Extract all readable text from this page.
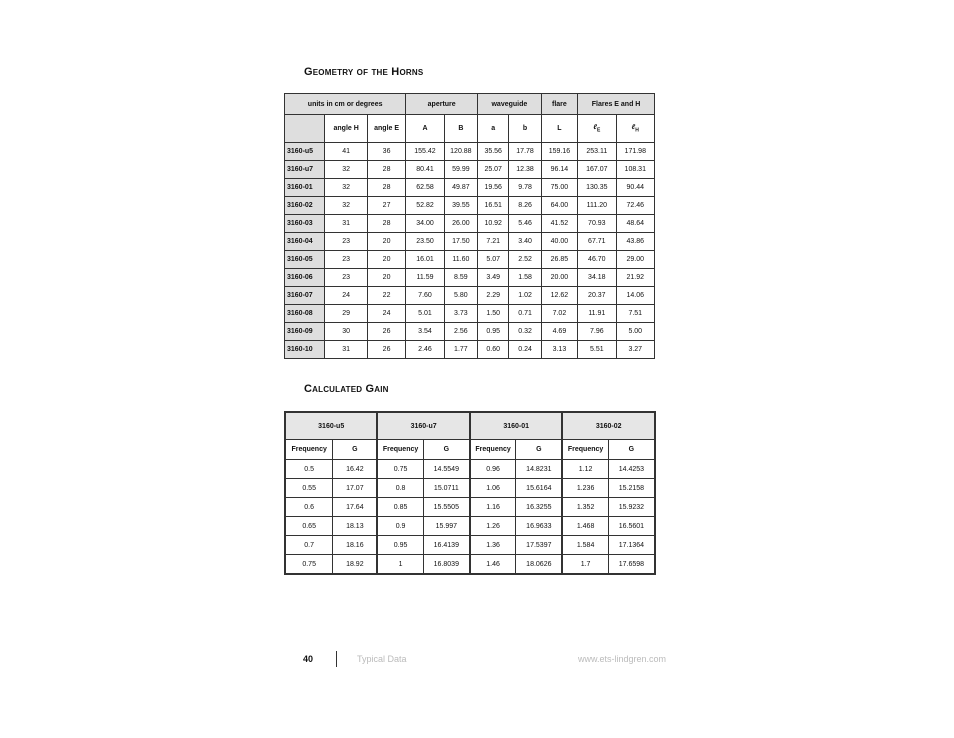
Geometry of the Horns
units in cm or degrees			aperture		waveguide		flare	Flares E and H	
	angle H	angle E	A	B	a	b	L	ℓ$_E$	ℓ$_H$
3160-u5	41	36	155.42	120.88	35.56	17.78	159.16	253.11	171.98
3160-u7	32	28	80.41	59.99	25.07	12.38	96.14	167.07	108.31
3160-01	32	28	62.58	49.87	19.56	9.78	75.00	130.35	90.44
3160-02	32	27	52.82	39.55	16.51	8.26	64.00	111.20	72.46
3160-03	31	28	34.00	26.00	10.92	5.46	41.52	70.93	48.64
3160-04	23	20	23.50	17.50	7.21	3.40	40.00	67.71	43.86
3160-05	23	20	16.01	11.60	5.07	2.52	26.85	46.70	29.00
3160-06	23	20	11.59	8.59	3.49	1.58	20.00	34.18	21.92
3160-07	24	22	7.60	5.80	2.29	1.02	12.62	20.37	14.06
3160-08	29	24	5.01	3.73	1.50	0.71	7.02	11.91	7.51
3160-09	30	26	3.54	2.56	0.95	0.32	4.69	7.96	5.00
3160-10	31	26	2.46	1.77	0.60	0.24	3.13	5.51	3.27
Calculated Gain
3160-u5		3160-u7		3160-01		3160-02	
Frequency	G	Frequency	G	Frequency	G	Frequency	G
0.5	16.42	0.75	14.5549	0.96	14.8231	1.12	14.4253
0.55	17.07	0.8	15.0711	1.06	15.6164	1.236	15.2158
0.6	17.64	0.85	15.5505	1.16	16.3255	1.352	15.9232
0.65	18.13	0.9	15.997	1.26	16.9633	1.468	16.5601
0.7	18.16	0.95	16.4139	1.36	17.5397	1.584	17.1364
0.75	18.92	1	16.8039	1.46	18.0626	1.7	17.6598
40	Typical Data	www.ets-lindgren.com
